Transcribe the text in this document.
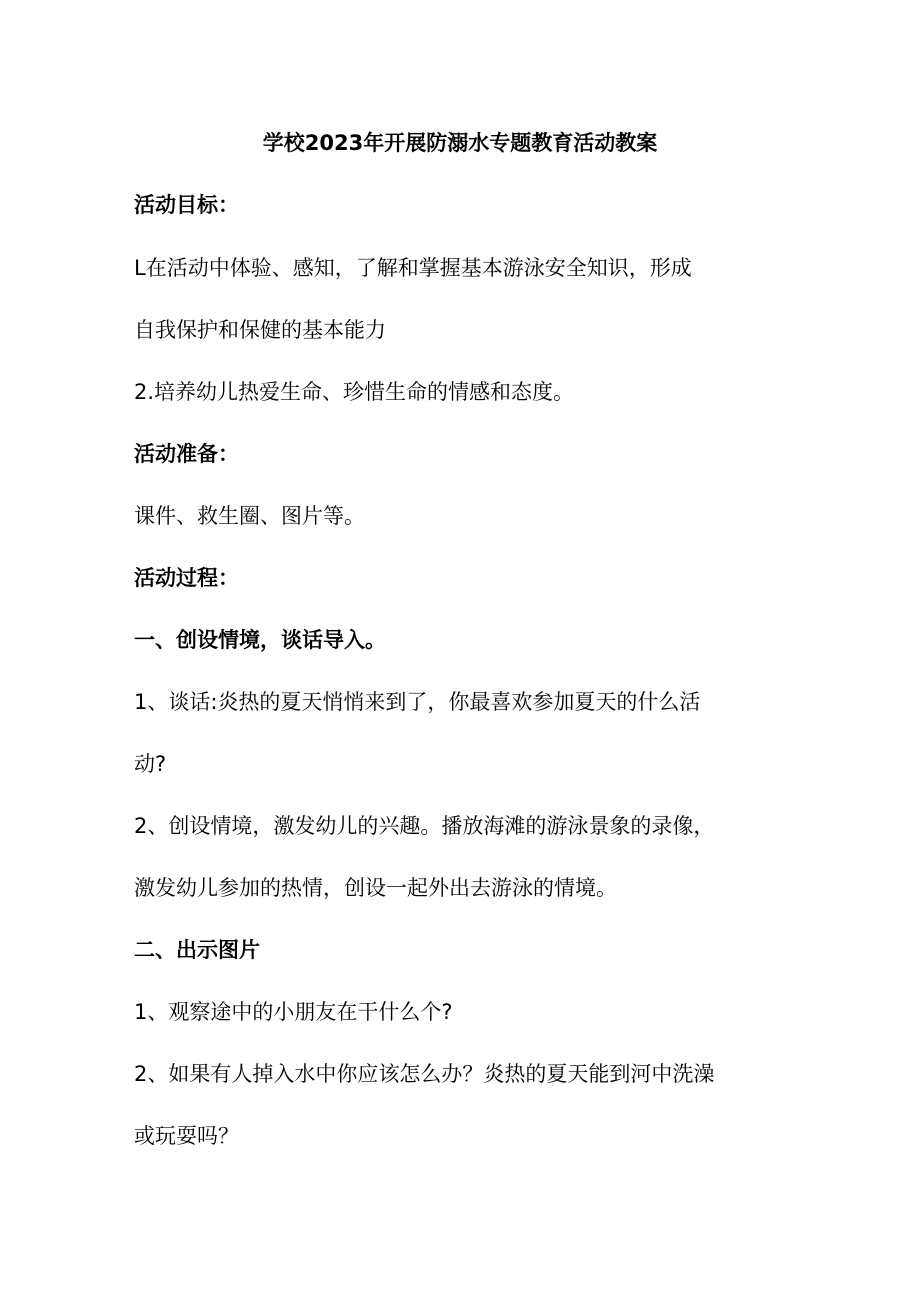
学校2023年开展防溺水专题教育活动教案
活动目标：
L在活动中体验、感知，了解和掌握基本游泳安全知识，形成
自我保护和保健的基本能力
2.培养幼儿热爱生命、珍惜生命的情感和态度。
活动准备：
课件、救生圈、图片等。
活动过程：
一、创设情境，谈话导入。
1、谈话:炎热的夏天悄悄来到了，你最喜欢参加夏天的什么活
动?
2、创设情境，激发幼儿的兴趣。播放海滩的游泳景象的录像，
激发幼儿参加的热情，创设一起外出去游泳的情境。
二、出示图片
1、观察途中的小朋友在干什么个?
2、如果有人掉入水中你应该怎么办？炎热的夏天能到河中洗澡
或玩耍吗？
